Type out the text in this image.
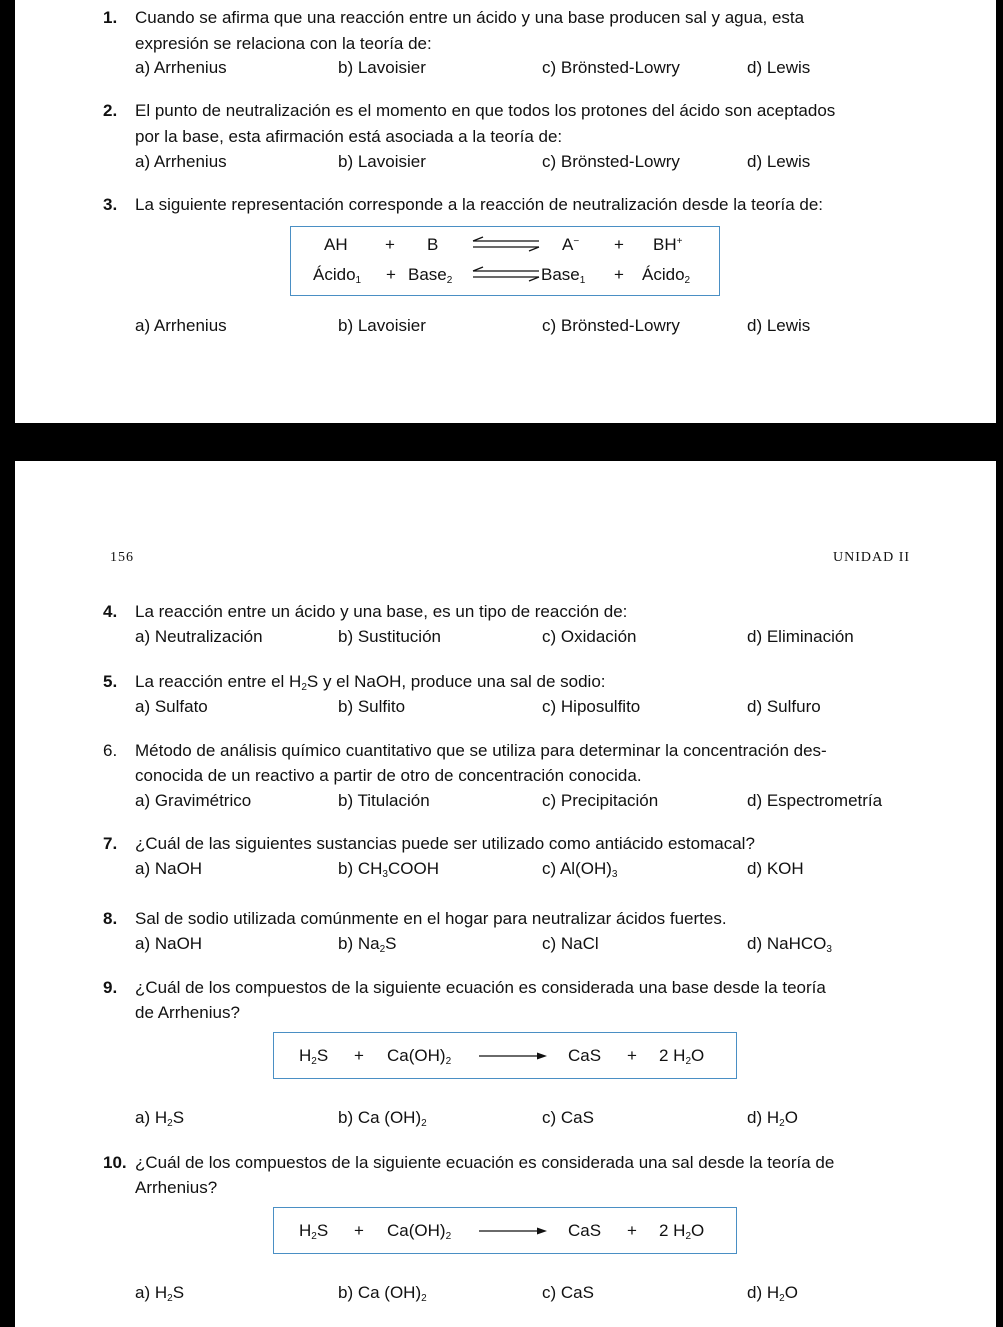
1. Cuando se afirma que una reacción entre un ácido y una base producen sal y agua, esta
expresión se relaciona con la teoría de:
a) Arrhenius	b) Lavoisier	c) Brönsted-Lowry	d) Lewis
2. El punto de neutralización es el momento en que todos los protones del ácido son aceptados
por la base, esta afirmación está asociada a la teoría de:
a) Arrhenius	b) Lavoisier	c) Brönsted-Lowry	d) Lewis
3. La siguiente representación corresponde a la reacción de neutralización desde la teoría de:
AH + B	A− + BH+
Ácido$_1$ + Base$_2$	Base$_1$ + Ácido$_2$
a) Arrhenius	b) Lavoisier	c) Brönsted-Lowry	d) Lewis
156	UNIDAD II
4. La reacción entre un ácido y una base, es un tipo de reacción de:
a) Neutralización	b) Sustitución	c) Oxidación	d) Eliminación
5. La reacción entre el $H_2S$ y el NaOH, produce una sal de sodio:
a) Sulfato	b) Sulfito	c) Hiposulfito	d) Sulfuro
6. Método de análisis químico cuantitativo que se utiliza para determinar la concentración des-
conocida de un reactivo a partir de otro de concentración conocida.
a) Gravimétrico	b) Titulación	c) Precipitación	d) Espectrometría
7. ¿Cuál de las siguientes sustancias puede ser utilizado como antiácido estomacal?
a) NaOH	b) $CH_3COOH$	c) $Al(OH)_3$	d) KOH
8. Sal de sodio utilizada comúnmente en el hogar para neutralizar ácidos fuertes.
a) NaOH	b) $Na_2S$	c) NaCl	d) NaHCO$_3$
9. ¿Cuál de los compuestos de la siguiente ecuación es considerada una base desde la teoría
de Arrhenius?
$H_2S + Ca(OH)_2$ → CaS + 2 $H_2O$
a) $H_2S$	b) Ca $(OH)_2$	c) CaS	d) $H_2O$
10. ¿Cuál de los compuestos de la siguiente ecuación es considerada una sal desde la teoría de
Arrhenius?
$H_2S + Ca(OH)_2$ → CaS + 2 $H_2O$
a) $H_2S$	b) Ca $(OH)_2$	c) CaS	d) $H_2O$
